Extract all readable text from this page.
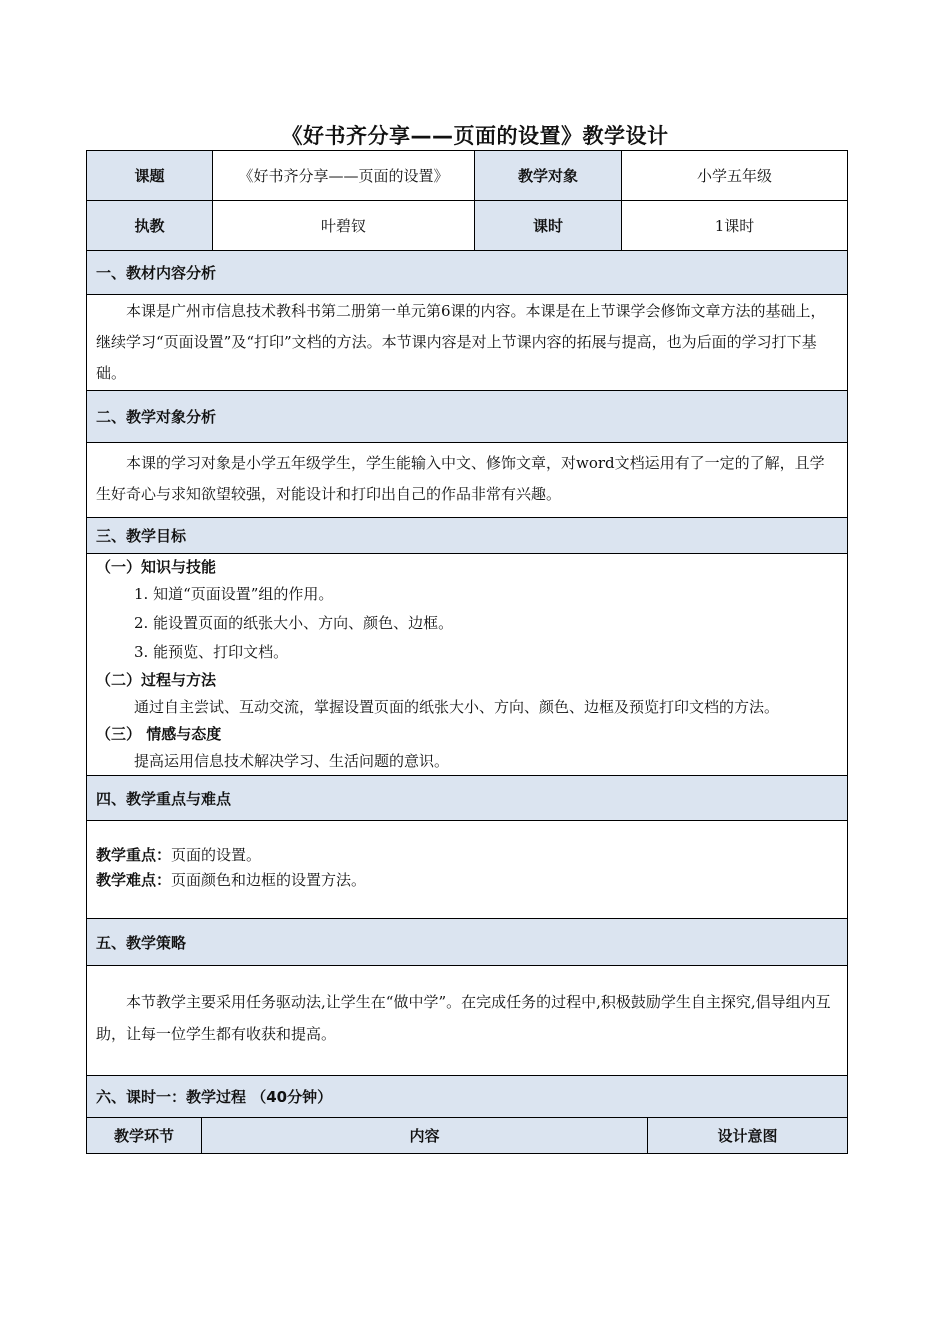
《好书齐分享——页面的设置》教学设计
课题	《好书齐分享——页面的设置》	教学对象	小学五年级
执教	叶碧钗	课时	1课时
一、教材内容分析

本课是广州市信息技术教科书第二册第一单元第6课的内容。本课是在上节课学会修饰文章方法的基础上，继续学习“页面设置”及“打印”文档的方法。本节课内容是对上节课内容的拓展与提高，也为后面的学习打下基础。

二、教学对象分析

本课的学习对象是小学五年级学生，学生能输入中文、修饰文章，对word文档运用有了一定的了解，且学生好奇心与求知欲望较强，对能设计和打印出自己的作品非常有兴趣。

三、教学目标

（一）知识与技能

1. 知道“页面设置”组的作用。

2. 能设置页面的纸张大小、方向、颜色、边框。

3. 能预览、打印文档。

（二）过程与方法

通过自主尝试、互动交流，掌握设置页面的纸张大小、方向、颜色、边框及预览打印文档的方法。

（三） 情感与态度

提高运用信息技术解决学习、生活问题的意识。

四、教学重点与难点
教学重点：页面的设置。
教学难点：页面颜色和边框的设置方法。
五、教学策略

本节教学主要采用任务驱动法,让学生在“做中学”。在完成任务的过程中,积极鼓励学生自主探究,倡导组内互助，让每一位学生都有收获和提高。

六、课时一：教学过程 （40分钟）
教学环节	内容	设计意图
